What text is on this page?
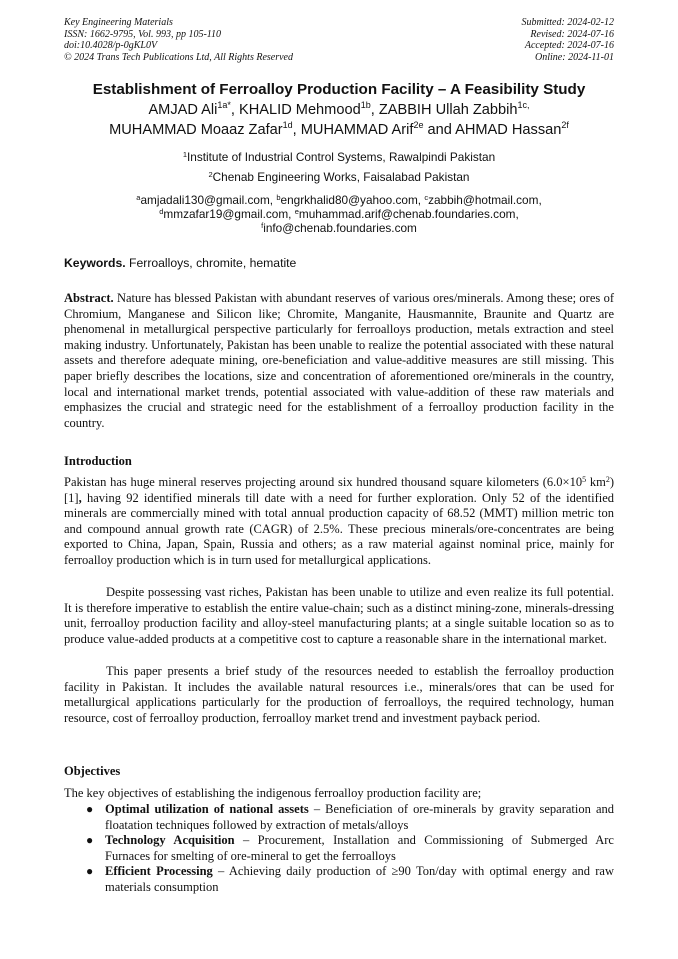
Key Engineering Materials
ISSN: 1662-9795, Vol. 993, pp 105-110
doi:10.4028/p-0gKL0V
© 2024 Trans Tech Publications Ltd, All Rights Reserved
Submitted: 2024-02-12
Revised: 2024-07-16
Accepted: 2024-07-16
Online: 2024-11-01
Establishment of Ferroalloy Production Facility – A Feasibility Study
AMJAD Ali$^{1a*}$, KHALID Mehmood$^{1b}$, ZABBIH Ullah Zabbih$^{1c,}$
MUHAMMAD Moaaz Zafar$^{1d}$, MUHAMMAD Arif$^{2e}$ and AHMAD Hassan$^{2f}$
$^1$Institute of Industrial Control Systems, Rawalpindi Pakistan
$^2$Chenab Engineering Works, Faisalabad Pakistan
$^a$amjadali130@gmail.com, $^b$engrkhalid80@yahoo.com, $^c$zabbih@hotmail.com,
$^d$mmzafar19@gmail.com, $^e$muhammad.arif@chenab.foundaries.com,
$^f$info@chenab.foundaries.com
Keywords. Ferroalloys, chromite, hematite

Abstract. Nature has blessed Pakistan with abundant reserves of various ores/minerals. Among these; ores of Chromium, Manganese and Silicon like; Chromite, Manganite, Hausmannite, Braunite and Quartz are phenomenal in metallurgical perspective particularly for ferroalloys production, metals extraction and steel making industry. Unfortunately, Pakistan has been unable to realize the potential associated with these natural assets and therefore adequate mining, ore-beneficiation and value-additive measures are still missing. This paper briefly describes the locations, size and concentration of aforementioned ore/minerals in the country, local and international market trends, potential associated with value-addition of these raw materials and emphasizes the crucial and strategic need for the establishment of a ferroalloy production facility in the country.

Introduction

Pakistan has huge mineral reserves projecting around six hundred thousand square kilometers ($6.0\times 10^5$ $km^2$) [1], having 92 identified minerals till date with a need for further exploration. Only 52 of the identified minerals are commercially mined with total annual production capacity of 68.52 (MMT) million metric ton and compound annual growth rate (CAGR) of 2.5%. These precious minerals/ore-concentrates are being exported to China, Japan, Spain, Russia and others; as a raw material against nominal price, mainly for ferroalloy production which is in turn used for metallurgical applications.

Despite possessing vast riches, Pakistan has been unable to utilize and even realize its full potential. It is therefore imperative to establish the entire value-chain; such as a distinct mining-zone, minerals-dressing unit, ferroalloy production facility and alloy-steel manufacturing plants; at a single suitable location so as to produce value-added products at a competitive cost to capture a reasonable share in the international market.

This paper presents a brief study of the resources needed to establish the ferroalloy production facility in Pakistan. It includes the available natural resources i.e., minerals/ores that can be used for metallurgical applications particularly for the production of ferroalloys, the required technology, human resource, cost of ferroalloy production, ferroalloy market trend and investment payback period.

Objectives

The key objectives of establishing the indigenous ferroalloy production facility are;

● Optimal utilization of national assets – Beneficiation of ore-minerals by gravity separation and floatation techniques followed by extraction of metals/alloys
● Technology Acquisition – Procurement, Installation and Commissioning of Submerged Arc Furnaces for smelting of ore-mineral to get the ferroalloys
● Efficient Processing – Achieving daily production of ≥90 Ton/day with optimal energy and raw materials consumption
